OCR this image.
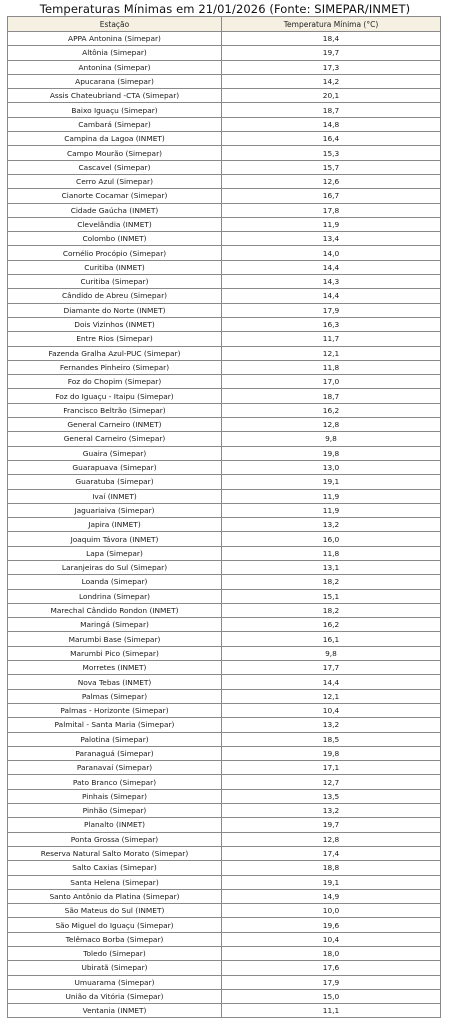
Temperaturas Mínimas em 21/01/2026 (Fonte: SIMEPAR/INMET)
Estação	Temperatura Mínima (°C)
APPA Antonina (Simepar)	18,4
Altônia (Simepar)	19,7
Antonina (Simepar)	17,3
Apucarana (Simepar)	14,2
Assis Chateubriand -CTA (Simepar)	20,1
Baixo Iguaçu (Simepar)	18,7
Cambará (Simepar)	14,8
Campina da Lagoa (INMET)	16,4
Campo Mourão (Simepar)	15,3
Cascavel (Simepar)	15,7
Cerro Azul (Simepar)	12,6
Cianorte Cocamar (Simepar)	16,7
Cidade Gaúcha (INMET)	17,8
Clevelândia (INMET)	11,9
Colombo (INMET)	13,4
Cornélio Procópio (Simepar)	14,0
Curitiba (INMET)	14,4
Curitiba (Simepar)	14,3
Cândido de Abreu (Simepar)	14,4
Diamante do Norte (INMET)	17,9
Dois Vizinhos (INMET)	16,3
Entre Rios (Simepar)	11,7
Fazenda Gralha Azul-PUC (Simepar)	12,1
Fernandes Pinheiro (Simepar)	11,8
Foz do Chopim (Simepar)	17,0
Foz do Iguaçu - Itaipu (Simepar)	18,7
Francisco Beltrão (Simepar)	16,2
General Carneiro (INMET)	12,8
General Carneiro (Simepar)	9,8
Guaira (Simepar)	19,8
Guarapuava (Simepar)	13,0
Guaratuba (Simepar)	19,1
Ivaí (INMET)	11,9
Jaguariaiva (Simepar)	11,9
Japira (INMET)	13,2
Joaquim Távora (INMET)	16,0
Lapa (Simepar)	11,8
Laranjeiras do Sul (Simepar)	13,1
Loanda (Simepar)	18,2
Londrina (Simepar)	15,1
Marechal Cândido Rondon (INMET)	18,2
Maringá (Simepar)	16,2
Marumbi Base (Simepar)	16,1
Marumbi Pico (Simepar)	9,8
Morretes (INMET)	17,7
Nova Tebas (INMET)	14,4
Palmas (Simepar)	12,1
Palmas - Horizonte (Simepar)	10,4
Palmital - Santa Maria (Simepar)	13,2
Palotina (Simepar)	18,5
Paranaguá (Simepar)	19,8
Paranavaí (Simepar)	17,1
Pato Branco (Simepar)	12,7
Pinhais (Simepar)	13,5
Pinhão (Simepar)	13,2
Planalto (INMET)	19,7
Ponta Grossa (Simepar)	12,8
Reserva Natural Salto Morato (Simepar)	17,4
Salto Caxias (Simepar)	18,8
Santa Helena (Simepar)	19,1
Santo Antônio da Platina (Simepar)	14,9
São Mateus do Sul (INMET)	10,0
São Miguel do Iguaçu (Simepar)	19,6
Telêmaco Borba (Simepar)	10,4
Toledo (Simepar)	18,0
Ubiratã (Simepar)	17,6
Umuarama (Simepar)	17,9
União da Vitória (Simepar)	15,0
Ventania (INMET)	11,1
